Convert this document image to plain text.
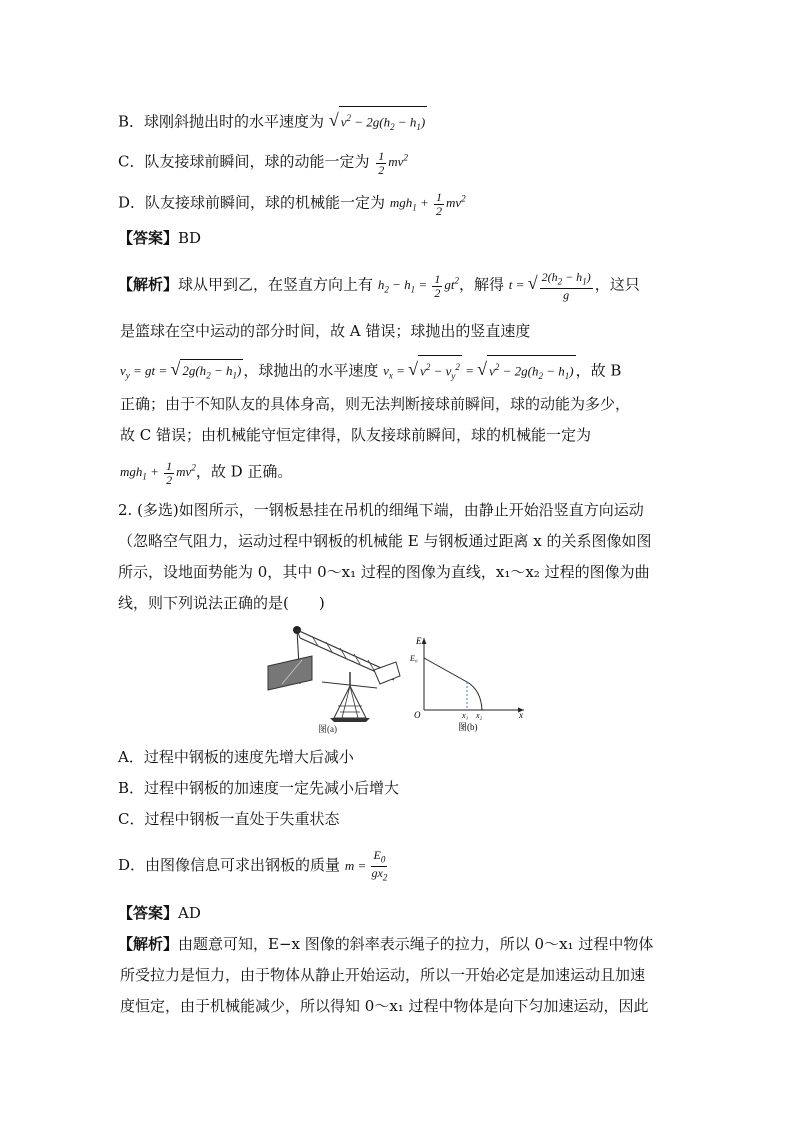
B．球刚斜抛出时的水平速度为 √ $v^2 - 2g(h_2 - h_1)$
C．队友接球前瞬间，球的动能一定为 $\frac{1}{2} mv^2$
D．队友接球前瞬间，球的机械能一定为 $mgh_1 + \frac{1}{2} mv^2$
【答案】BD
【解析】球从甲到乙，在竖直方向上有 $h_2 - h_1 = \frac{1}{2} gt^2$，解得 t = √ $\frac{2(h_2 - h_1)}{g}$ ，这只
是篮球在空中运动的部分时间，故 A 错误；球抛出的竖直速度
$v_y$ = gt = √ $2g(h_2 - h_1)$ ，球抛出的水平速度 $v_x$ = √ $v^2 - v_y^2$ = √ $v^2 - 2g(h_2 - h_1)$ ，故 B
正确；由于不知队友的具体身高，则无法判断接球前瞬间，球的动能为多少，
故 C 错误；由机械能守恒定律得，队友接球前瞬间，球的机械能一定为
$mgh_1 + \frac{1}{2} mv^2$，故 D 正确。
2. (多选)如图所示，一钢板悬挂在吊机的细绳下端，由静止开始沿竖直方向运动
（忽略空气阻力，运动过程中钢板的机械能 E 与钢板通过距离 x 的关系图像如图
所示，设地面势能为 0，其中 0～x₁ 过程的图像为直线，x₁～x₂ 过程的图像为曲
线，则下列说法正确的是(　　)
图(a)
E
E₀
O	x₁ x₂	x
图(b)
A．过程中钢板的速度先增大后减小
B．过程中钢板的加速度一定先减小后增大
C．过程中钢板一直处于失重状态
D．由图像信息可求出钢板的质量 $m = \frac{E_0}{gx_2}$
【答案】AD
【解析】由题意可知，E−x 图像的斜率表示绳子的拉力，所以 0～x₁ 过程中物体
所受拉力是恒力，由于物体从静止开始运动，所以一开始必定是加速运动且加速
度恒定，由于机械能减少，所以得知 0～x₁ 过程中物体是向下匀加速运动，因此
